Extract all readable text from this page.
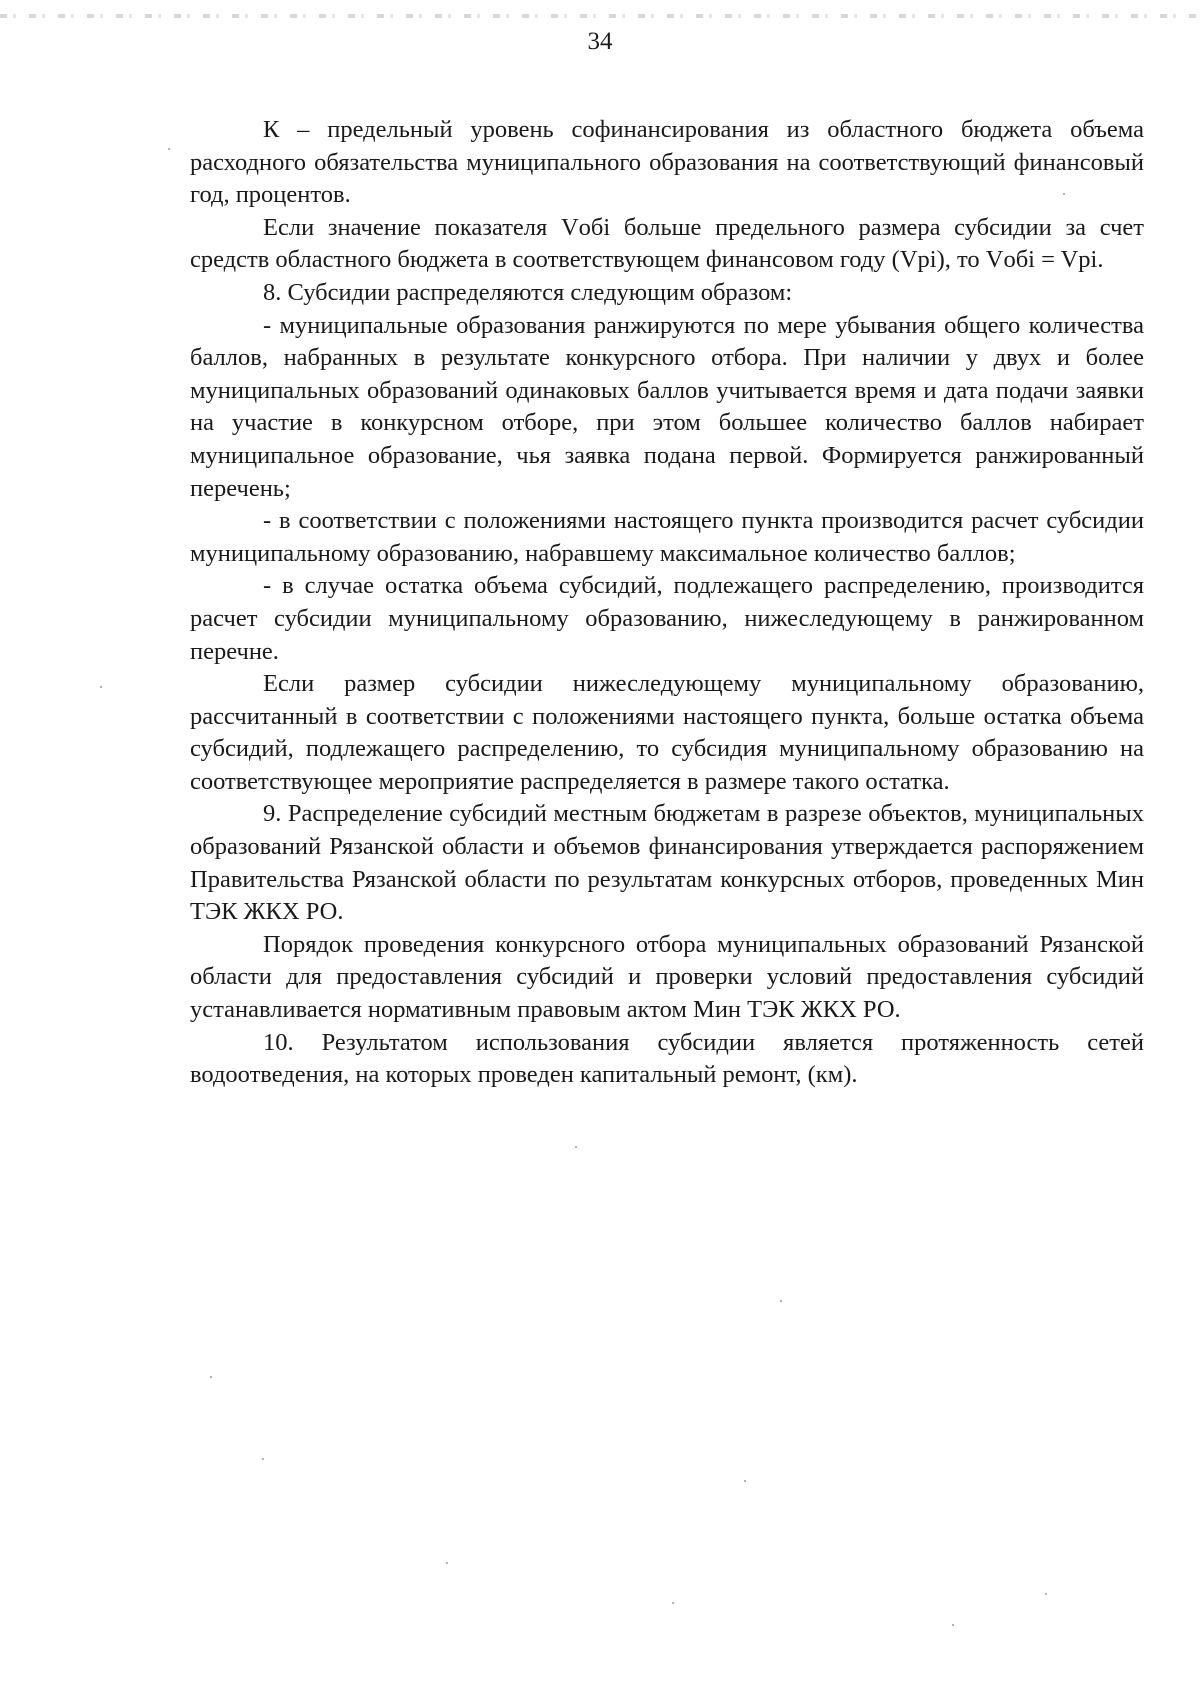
34

К – предельный уровень софинансирования из областного бюджета объема расходного обязательства муниципального образования на соответствующий финансовый год, процентов.

Если значение показателя Vобi больше предельного размера субсидии за счет средств областного бюджета в соответствующем финансовом году (Vpi), то Vобi = Vpi.

8. Субсидии распределяются следующим образом:

- муниципальные образования ранжируются по мере убывания общего количества баллов, набранных в результате конкурсного отбора. При наличии у двух и более муниципальных образований одинаковых баллов учитывается время и дата подачи заявки на участие в конкурсном отборе, при этом большее количество баллов набирает муниципальное образование, чья заявка подана первой. Формируется ранжированный перечень;

- в соответствии с положениями настоящего пункта производится расчет субсидии муниципальному образованию, набравшему максимальное количество баллов;

- в случае остатка объема субсидий, подлежащего распределению, производится расчет субсидии муниципальному образованию, нижеследующему в ранжированном перечне.

Если размер субсидии нижеследующему муниципальному образованию, рассчитанный в соответствии с положениями настоящего пункта, больше остатка объема субсидий, подлежащего распределению, то субсидия муниципальному образованию на соответствующее мероприятие распределяется в размере такого остатка.

9. Распределение субсидий местным бюджетам в разрезе объектов, муниципальных образований Рязанской области и объемов финансирования утверждается распоряжением Правительства Рязанской области по результатам конкурсных отборов, проведенных Мин ТЭК ЖКХ РО.

Порядок проведения конкурсного отбора муниципальных образований Рязанской области для предоставления субсидий и проверки условий предоставления субсидий устанавливается нормативным правовым актом Мин ТЭК ЖКХ РО.

10. Результатом использования субсидии является протяженность сетей водоотведения, на которых проведен капитальный ремонт, (км).
